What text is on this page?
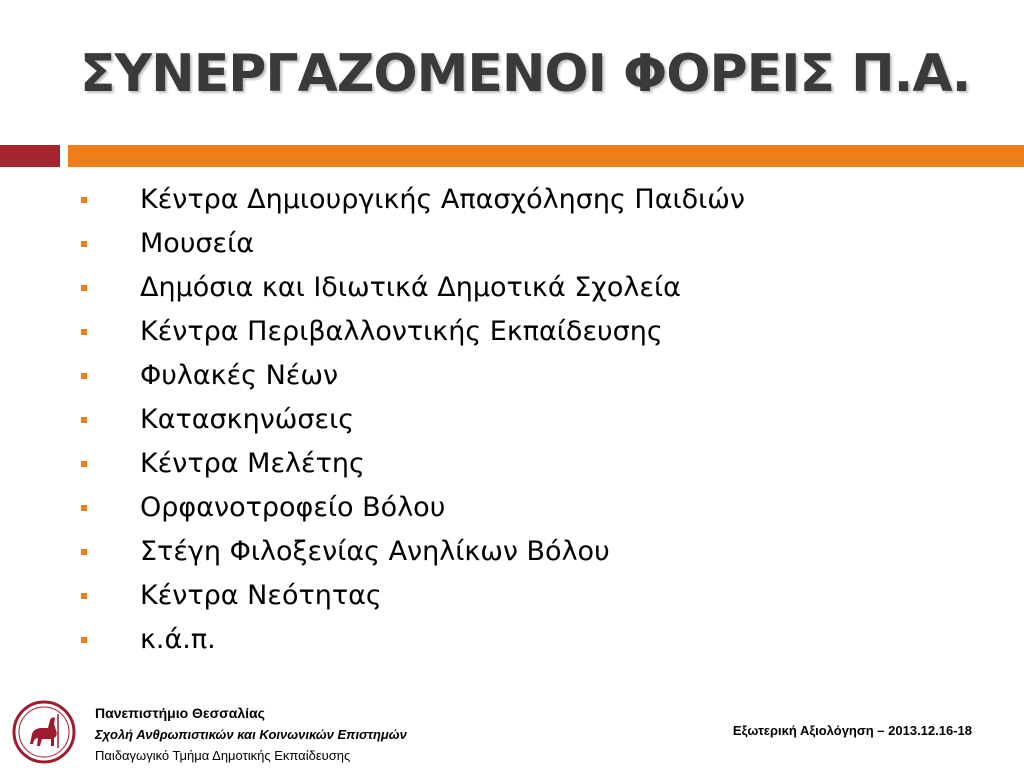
ΣΥΝΕΡΓΑΖΟΜΕΝΟΙ ΦΟΡΕΙΣ Π.Α.
Κέντρα Δημιουργικής Απασχόλησης Παιδιών
Μουσεία
Δημόσια και Ιδιωτικά Δημοτικά Σχολεία
Κέντρα Περιβαλλοντικής Εκπαίδευσης
Φυλακές Νέων
Κατασκηνώσεις
Κέντρα Μελέτης
Ορφανοτροφείο Βόλου
Στέγη Φιλοξενίας Ανηλίκων Βόλου
Κέντρα Νεότητας
κ.ά.π.
Πανεπιστήμιο Θεσσαλίας
Σχολή Ανθρωπιστικών και Κοινωνικών Επιστημών
Παιδαγωγικό Τμήμα Δημοτικής Εκπαίδευσης
Εξωτερική Αξιολόγηση – 2013.12.16-18
